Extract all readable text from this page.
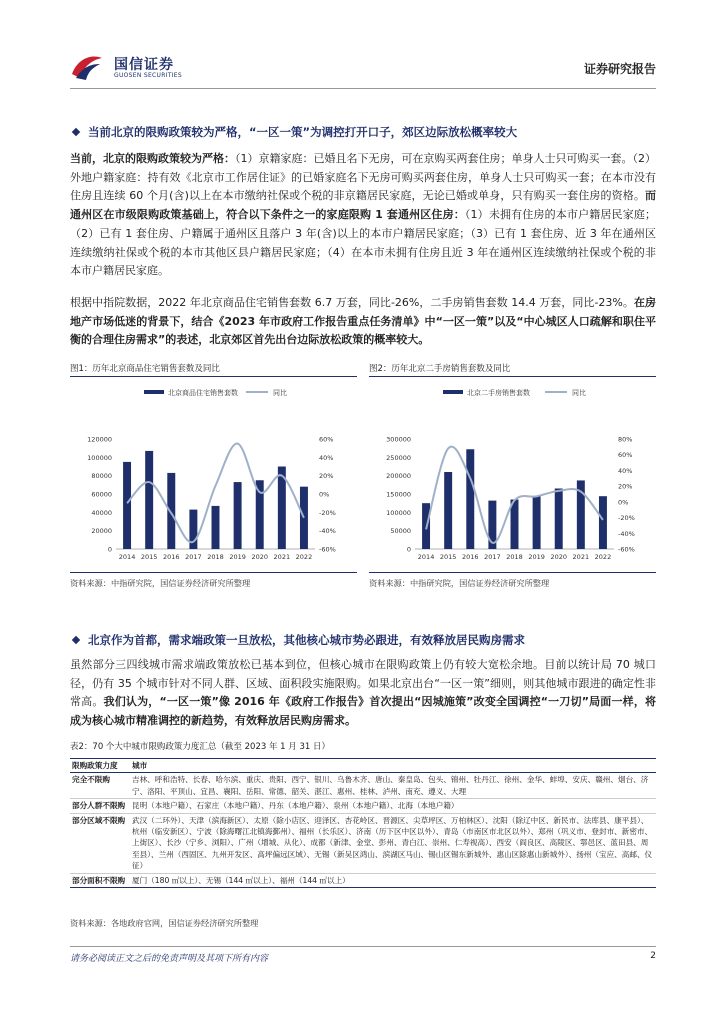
国信证券
GUOSEN SECURITIES	证券研究报告
当前北京的限购政策较为严格，“一区一策”为调控打开口子，郊区边际放松概率较大
当前，北京的限购政策较为严格：（1）京籍家庭：已婚且名下无房，可在京购买两套住房；单身人士只可购买一套。（2）外地户籍家庭：持有效《北京市工作居住证》的已婚家庭名下无房可购买两套住房，单身人士只可购买一套；在本市没有住房且连续 60 个月(含)以上在本市缴纳社保或个税的非京籍居民家庭，无论已婚或单身，只有购买一套住房的资格。而通州区在市级限购政策基础上，符合以下条件之一的家庭限购 1 套通州区住房：（1）未拥有住房的本市户籍居民家庭；（2）已有 1 套住房、户籍属于通州区且落户 3 年(含)以上的本市户籍居民家庭；（3）已有 1 套住房、近 3 年在通州区连续缴纳社保或个税的本市其他区县户籍居民家庭；（4）在本市未拥有住房且近 3 年在通州区连续缴纳社保或个税的非本市户籍居民家庭。
根据中指院数据，2022 年北京商品住宅销售套数 6.7 万套，同比-26%，二手房销售套数 14.4 万套，同比-23%。在房地产市场低迷的背景下，结合《2023 年市政府工作报告重点任务清单》中“一区一策”以及“中心城区人口疏解和职住平衡的合理住房需求”的表述，北京郊区首先出台边际放松政策的概率较大。
图1：历年北京商品住宅销售套数及同比
北京商品住宅销售套数	同比
0
20000
40000
60000
80000
100000
120000
-60%
-40%
-20%
0%
20%
40%
60%
2014 2015 2016 2017 2018 2019 2020 2021 2022
资料来源：中指研究院，国信证券经济研究所整理
图2：历年北京二手房销售套数及同比
北京二手房销售套数	同比
0
50000
100000
150000
200000
250000
300000
-60%
-40%
-20%
0%
20%
40%
60%
80%
2014 2015 2016 2017 2018 2019 2020 2021 2022
资料来源：中指研究院，国信证券经济研究所整理
北京作为首都，需求端政策一旦放松，其他核心城市势必跟进，有效释放居民购房需求
虽然部分三四线城市需求端政策放松已基本到位，但核心城市在限购政策上仍有较大宽松余地。目前以统计局 70 城口径，仍有 35 个城市针对不同人群、区域、面积段实施限购。如果北京出台“一区一策”细则，则其他城市跟进的确定性非常高。我们认为，“一区一策”像 2016 年《政府工作报告》首次提出“因城施策”改变全国调控“一刀切”局面一样，将成为核心城市精准调控的新趋势，有效释放居民购房需求。
表2：70 个大中城市限购政策力度汇总（截至 2023 年 1 月 31 日）
限购政策力度	城市
完全不限购	吉林、呼和浩特、长春、哈尔滨、重庆、贵阳、西宁、银川、乌鲁木齐、唐山、秦皇岛、包头、锦州、牡丹江、徐州、金华、蚌埠、安庆、赣州、烟台、济宁、洛阳、平顶山、宜昌、襄阳、岳阳、常德、韶关、湛江、惠州、桂林、泸州、南充、遵义、大理
部分人群不限购	昆明（本地户籍）、石家庄（本地户籍）、丹东（本地户籍）、泉州（本地户籍）、北海（本地户籍）
部分区域不限购	武汉（二环外）、天津（滨海新区）、太原（除小店区、迎泽区、杏花岭区、晋源区、尖草坪区、万柏林区）、沈阳（除辽中区、新民市、法库县、康平县）、杭州（临安新区）、宁波（除海曙江北镇海鄞州）、福州（长乐区）、济南（历下区中区以外）、青岛（市南区市北区以外）、郑州（巩义市、登封市、新密市、上街区）、长沙（宁乡、浏阳）、广州（增城、从化）、成都（新津、金堂、彭州、青白江、崇州、仁寿视高）、西安（阎良区、高陵区、鄠邑区、蓝田县、周至县）、兰州（西固区、九州开发区、高坪偏远区域）、无锡（新吴区鸿山、滨湖区马山、锡山区锡东新城外、惠山区除惠山新城外）、扬州（宝应、高邮、仪征）
部分面积不限购	厦门（180 ㎡以上）、无锡（144 ㎡以上）、福州（144 ㎡以上）
资料来源：各地政府官网，国信证券经济研究所整理
请务必阅读正文之后的免责声明及其项下所有内容	2
